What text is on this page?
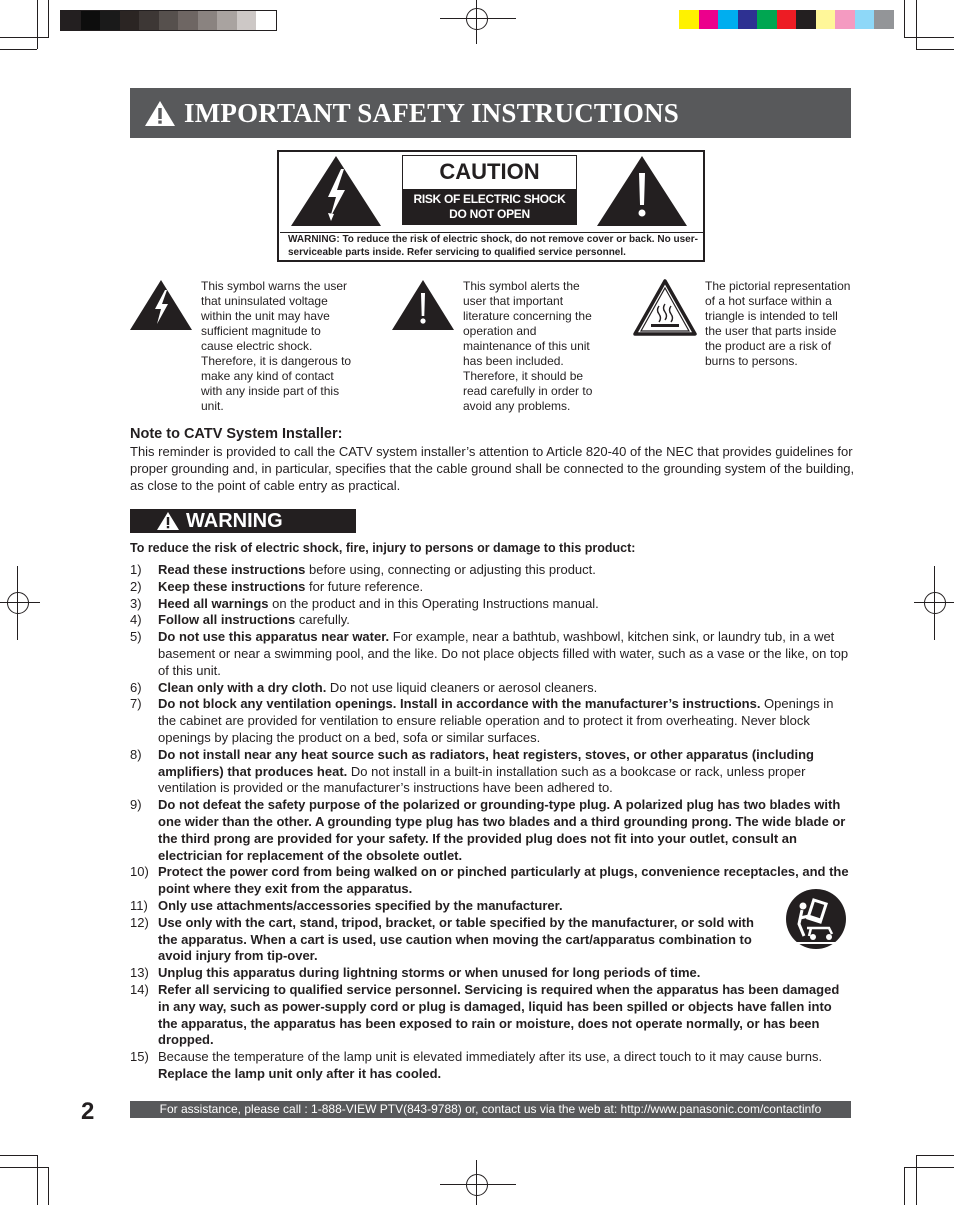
IMPORTANT SAFETY INSTRUCTIONS
CAUTION
RISK OF ELECTRIC SHOCK
DO NOT OPEN
WARNING: To reduce the risk of electric shock, do not remove cover or back. No user-serviceable parts inside. Refer servicing to qualified service personnel.
This symbol warns the user that uninsulated voltage within the unit may have sufficient magnitude to cause electric shock. Therefore, it is dangerous to make any kind of contact with any inside part of this unit.
This symbol alerts the user that important literature concerning the operation and maintenance of this unit has been included. Therefore, it should be read carefully in order to avoid any problems.
The pictorial representation of a hot surface within a triangle is intended to tell the user that parts inside the product are a risk of burns to persons.
Note to CATV System Installer:
This reminder is provided to call the CATV system installer’s attention to Article 820-40 of the NEC that provides guidelines for proper grounding and, in particular, specifies that the cable ground shall be connected to the grounding system of the building, as close to the point of cable entry as practical.
WARNING
To reduce the risk of electric shock, fire, injury to persons or damage to this product:
1)	Read these instructions before using, connecting or adjusting this product.
2)	Keep these instructions for future reference.
3)	Heed all warnings on the product and in this Operating Instructions manual.
4)	Follow all instructions carefully.
5)	Do not use this apparatus near water. For example, near a bathtub, washbowl, kitchen sink, or laundry tub, in a wet basement or near a swimming pool, and the like. Do not place objects filled with water, such as a vase or the like, on top of this unit.
6)	Clean only with a dry cloth. Do not use liquid cleaners or aerosol cleaners.
7)	Do not block any ventilation openings. Install in accordance with the manufacturer’s instructions. Openings in the cabinet are provided for ventilation to ensure reliable operation and to protect it from overheating. Never block openings by placing the product on a bed, sofa or similar surfaces.
8)	Do not install near any heat source such as radiators, heat registers, stoves, or other apparatus (including amplifiers) that produces heat. Do not install in a built-in installation such as a bookcase or rack, unless proper ventilation is provided or the manufacturer’s instructions have been adhered to.
9)	Do not defeat the safety purpose of the polarized or grounding-type plug. A polarized plug has two blades with one wider than the other. A grounding type plug has two blades and a third grounding prong. The wide blade or the third prong are provided for your safety. If the provided plug does not fit into your outlet, consult an electrician for replacement of the obsolete outlet.
10) Protect the power cord from being walked on or pinched particularly at plugs, convenience receptacles, and the point where they exit from the apparatus.
11) Only use attachments/accessories specified by the manufacturer.
12) Use only with the cart, stand, tripod, bracket, or table specified by the manufacturer, or sold with the apparatus. When a cart is used, use caution when moving the cart/apparatus combination to avoid injury from tip-over.
13) Unplug this apparatus during lightning storms or when unused for long periods of time.
14) Refer all servicing to qualified service personnel. Servicing is required when the apparatus has been damaged in any way, such as power-supply cord or plug is damaged, liquid has been spilled or objects have fallen into the apparatus, the apparatus has been exposed to rain or moisture, does not operate normally, or has been dropped.
15) Because the temperature of the lamp unit is elevated immediately after its use, a direct touch to it may cause burns. Replace the lamp unit only after it has cooled.
2	For assistance, please call : 1-888-VIEW PTV(843-9788) or, contact us via the web at: http://www.panasonic.com/contactinfo
